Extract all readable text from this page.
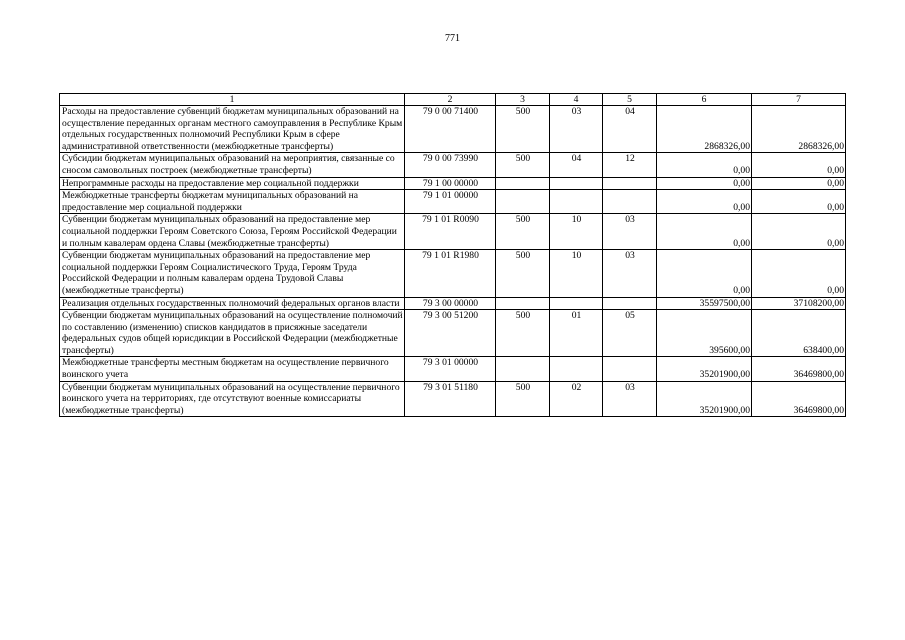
771
1	2	3	4	5	6	7
Расходы на предоставление субвенций бюджетам муниципальных образований на осуществление переданных органам местного самоуправления в Республике Крым отдельных государственных полномочий Республики Крым в сфере административной ответственности (межбюджетные трансферты)	79 0 00 71400	500	03	04	2868326,00	2868326,00
Субсидии бюджетам муниципальных образований на мероприятия, связанные со сносом самовольных построек (межбюджетные трансферты)	79 0 00 73990	500	04	12	0,00	0,00
Непрограммные расходы на предоставление мер социальной поддержки	79 1 00 00000				0,00	0,00
Межбюджетные трансферты бюджетам муниципальных образований на предоставление мер социальной поддержки	79 1 01 00000				0,00	0,00
Субвенции бюджетам муниципальных образований на предоставление мер социальной поддержки Героям Советского Союза, Героям Российской Федерации и полным кавалерам ордена Славы (межбюджетные трансферты)	79 1 01 R0090	500	10	03	0,00	0,00
Субвенции бюджетам муниципальных образований на предоставление мер социальной поддержки Героям Социалистического Труда, Героям Труда Российской Федерации и полным кавалерам ордена Трудовой Славы (межбюджетные трансферты)	79 1 01 R1980	500	10	03	0,00	0,00
Реализация отдельных государственных полномочий федеральных органов власти	79 3 00 00000				35597500,00	37108200,00
Субвенции бюджетам муниципальных образований на осуществление полномочий по составлению (изменению) списков кандидатов в присяжные заседатели федеральных судов общей юрисдикции в Российской Федерации (межбюджетные трансферты)	79 3 00 51200	500	01	05	395600,00	638400,00
Межбюджетные трансферты местным бюджетам на осуществление первичного воинского учета	79 3 01 00000				35201900,00	36469800,00
Субвенции бюджетам муниципальных образований на осуществление первичного воинского учета на территориях, где отсутствуют военные комиссариаты (межбюджетные трансферты)	79 3 01 51180	500	02	03	35201900,00	36469800,00
